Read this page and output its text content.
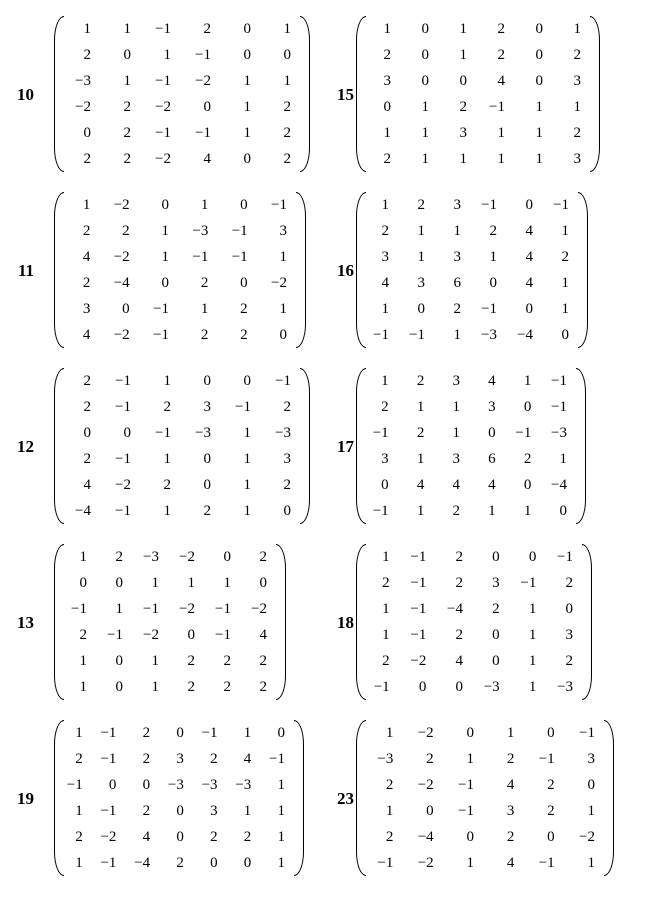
10
1	1	−1	2	0	1
2	0	1	−1	0	0
−3	1	−1	−2	1	1
−2	2	−2	0	1	2
0	2	−1	−1	1	2
2	2	−2	4	0	2
15
1	0	1	2	0	1
2	0	1	2	0	2
3	0	0	4	0	3
0	1	2	−1	1	1
1	1	3	1	1	2
2	1	1	1	1	3
11
1	−2	0	1	0	−1
2	2	1	−3	−1	3
4	−2	1	−1	−1	1
2	−4	0	2	0	−2
3	0	−1	1	2	1
4	−2	−1	2	2	0
16
1	2	3	−1	0	−1
2	1	1	2	4	1
3	1	3	1	4	2
4	3	6	0	4	1
1	0	2	−1	0	1
−1	−1	1	−3	−4	0
12
2	−1	1	0	0	−1
2	−1	2	3	−1	2
0	0	−1	−3	1	−3
2	−1	1	0	1	3
4	−2	2	0	1	2
−4	−1	1	2	1	0
17
1	2	3	4	1	−1
2	1	1	3	0	−1
−1	2	1	0	−1	−3
3	1	3	6	2	1
0	4	4	4	0	−4
−1	1	2	1	1	0
13
1	2	−3	−2	0	2
0	0	1	1	1	0
−1	1	−1	−2	−1	−2
2	−1	−2	0	−1	4
1	0	1	2	2	2
1	0	1	2	2	2
18
1	−1	2	0	0	−1
2	−1	2	3	−1	2
1	−1	−4	2	1	0
1	−1	2	0	1	3
2	−2	4	0	1	2
−1	0	0	−3	1	−3
19
1	−1	2	0	−1	1	0
2	−1	2	3	2	4	−1
−1	0	0	−3	−3	−3	1
1	−1	2	0	3	1	1
2	−2	4	0	2	2	1
1	−1	−4	2	0	0	1
23
1	−2	0	1	0	−1
−3	2	1	2	−1	3
2	−2	−1	4	2	0
1	0	−1	3	2	1
2	−4	0	2	0	−2
−1	−2	1	4	−1	1
